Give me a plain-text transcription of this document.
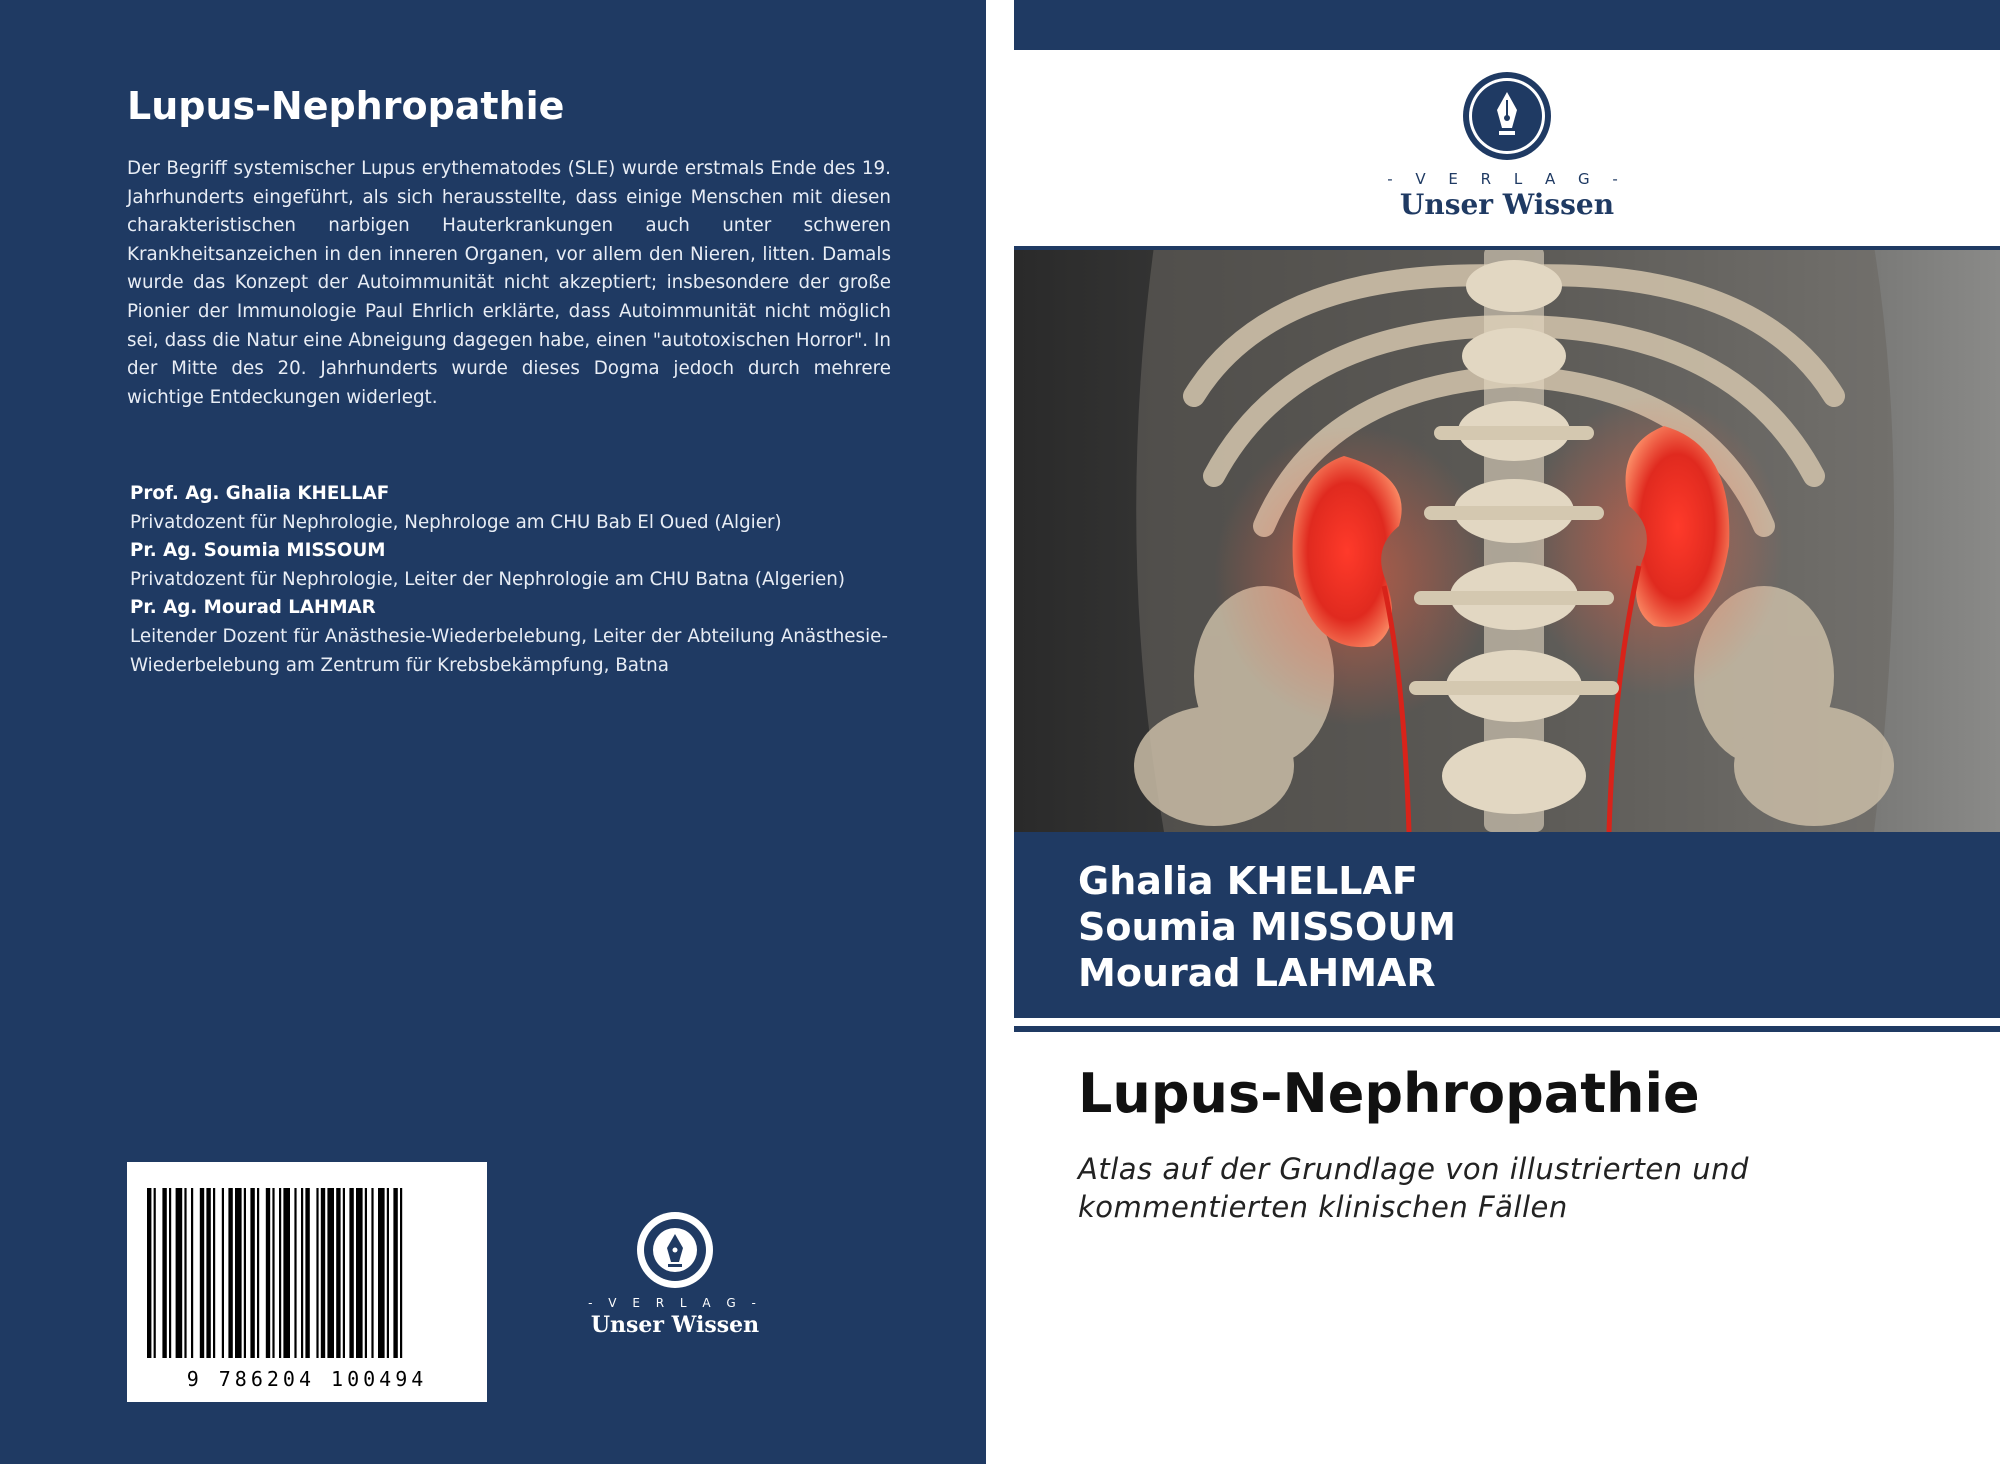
Lupus-Nephropathie

Der Begriff systemischer Lupus erythematodes (SLE) wurde erstmals Ende des 19. Jahrhunderts eingeführt, als sich herausstellte, dass einige Menschen mit diesen charakteristischen narbigen Hauterkrankungen auch unter schweren Krankheitsanzeichen in den inneren Organen, vor allem den Nieren, litten. Damals wurde das Konzept der Autoimmunität nicht akzeptiert; insbesondere der große Pionier der Immunologie Paul Ehrlich erklärte, dass Autoimmunität nicht möglich sei, dass die Natur eine Abneigung dagegen habe, einen "autotoxischen Horror". In der Mitte des 20. Jahrhunderts wurde dieses Dogma jedoch durch mehrere wichtige Entdeckungen widerlegt.

Prof. Ag. Ghalia KHELLAF

Privatdozent für Nephrologie, Nephrologe am CHU Bab El Oued (Algier)

Pr. Ag. Soumia MISSOUM

Privatdozent für Nephrologie, Leiter der Nephrologie am CHU Batna (Algerien)

Pr. Ag. Mourad LAHMAR

Leitender Dozent für Anästhesie-Wiederbelebung, Leiter der Abteilung Anästhesie-Wiederbelebung am Zentrum für Krebsbekämpfung, Batna

9 786204 100494
- V E R L A G -
Unser Wissen
- V E R L A G -
Unser Wissen
Ghalia KHELLAF
Soumia MISSOUM
Mourad LAHMAR
Lupus-Nephropathie

Atlas auf der Grundlage von illustrierten und kommentierten klinischen Fällen
